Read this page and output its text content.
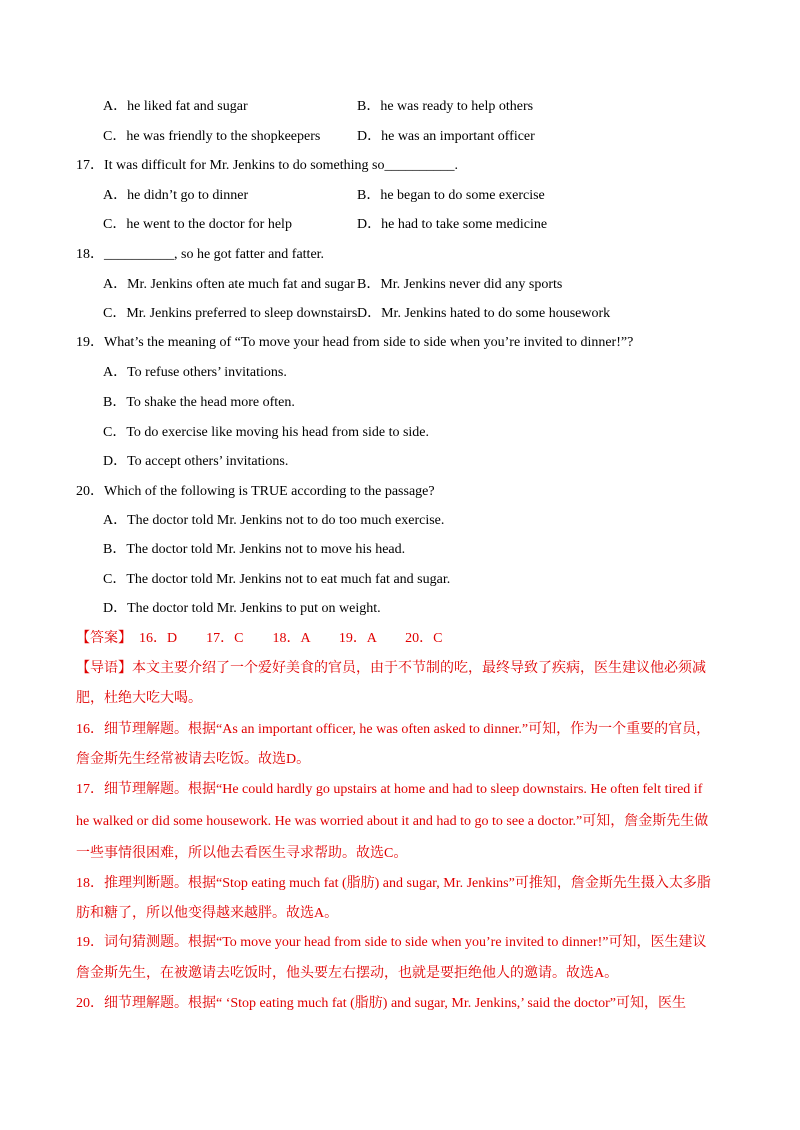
A．he liked fat and sugar	B．he was ready to help others
C．he was friendly to the shopkeepers	D．he was an important officer
17．It was difficult for Mr. Jenkins to do something so__________.
A．he didn’t go to dinner	B．he began to do some exercise
C．he went to the doctor for help	D．he had to take some medicine
18．__________, so he got fatter and fatter.
A．Mr. Jenkins often ate much fat and sugar B．Mr. Jenkins never did any sports
C．Mr. Jenkins preferred to sleep downstairs D．Mr. Jenkins hated to do some housework
19．What’s the meaning of “To move your head from side to side when you’re invited to dinner!”?
A．To refuse others’ invitations.
B．To shake the head more often.
C．To do exercise like moving his head from side to side.
D．To accept others’ invitations.
20．Which of the following is TRUE according to the passage?
A．The doctor told Mr. Jenkins not to do too much exercise.
B．The doctor told Mr. Jenkins not to move his head.
C．The doctor told Mr. Jenkins not to eat much fat and sugar.
D．The doctor told Mr. Jenkins to put on weight.
【答案】 16．D 17．C 18．A 19．A 20．C
【导语】本文主要介绍了一个爱好美食的官员，由于不节制的吃，最终导致了疾病，医生建议他必须减
肥，杜绝大吃大喝。
16．细节理解题。根据“As an important officer, he was often asked to dinner.”可知，作为一个重要的官员，
詹金斯先生经常被请去吃饭。故选D。
17．细节理解题。根据“He could hardly go upstairs at home and had to sleep downstairs. He often felt tired if
he walked or did some housework. He was worried about it and had to go to see a doctor.”可知，詹金斯先生做
一些事情很困难，所以他去看医生寻求帮助。故选C。
18．推理判断题。根据“Stop eating much fat (脂肪) and sugar, Mr. Jenkins”可推知，詹金斯先生摄入太多脂
肪和糖了，所以他变得越来越胖。故选A。
19．词句猜测题。根据“To move your head from side to side when you’re invited to dinner!”可知，医生建议
詹金斯先生，在被邀请去吃饭时，他头要左右摆动，也就是要拒绝他人的邀请。故选A。
20．细节理解题。根据“ ‘Stop eating much fat (脂肪) and sugar, Mr. Jenkins,’ said the doctor”可知，医生
